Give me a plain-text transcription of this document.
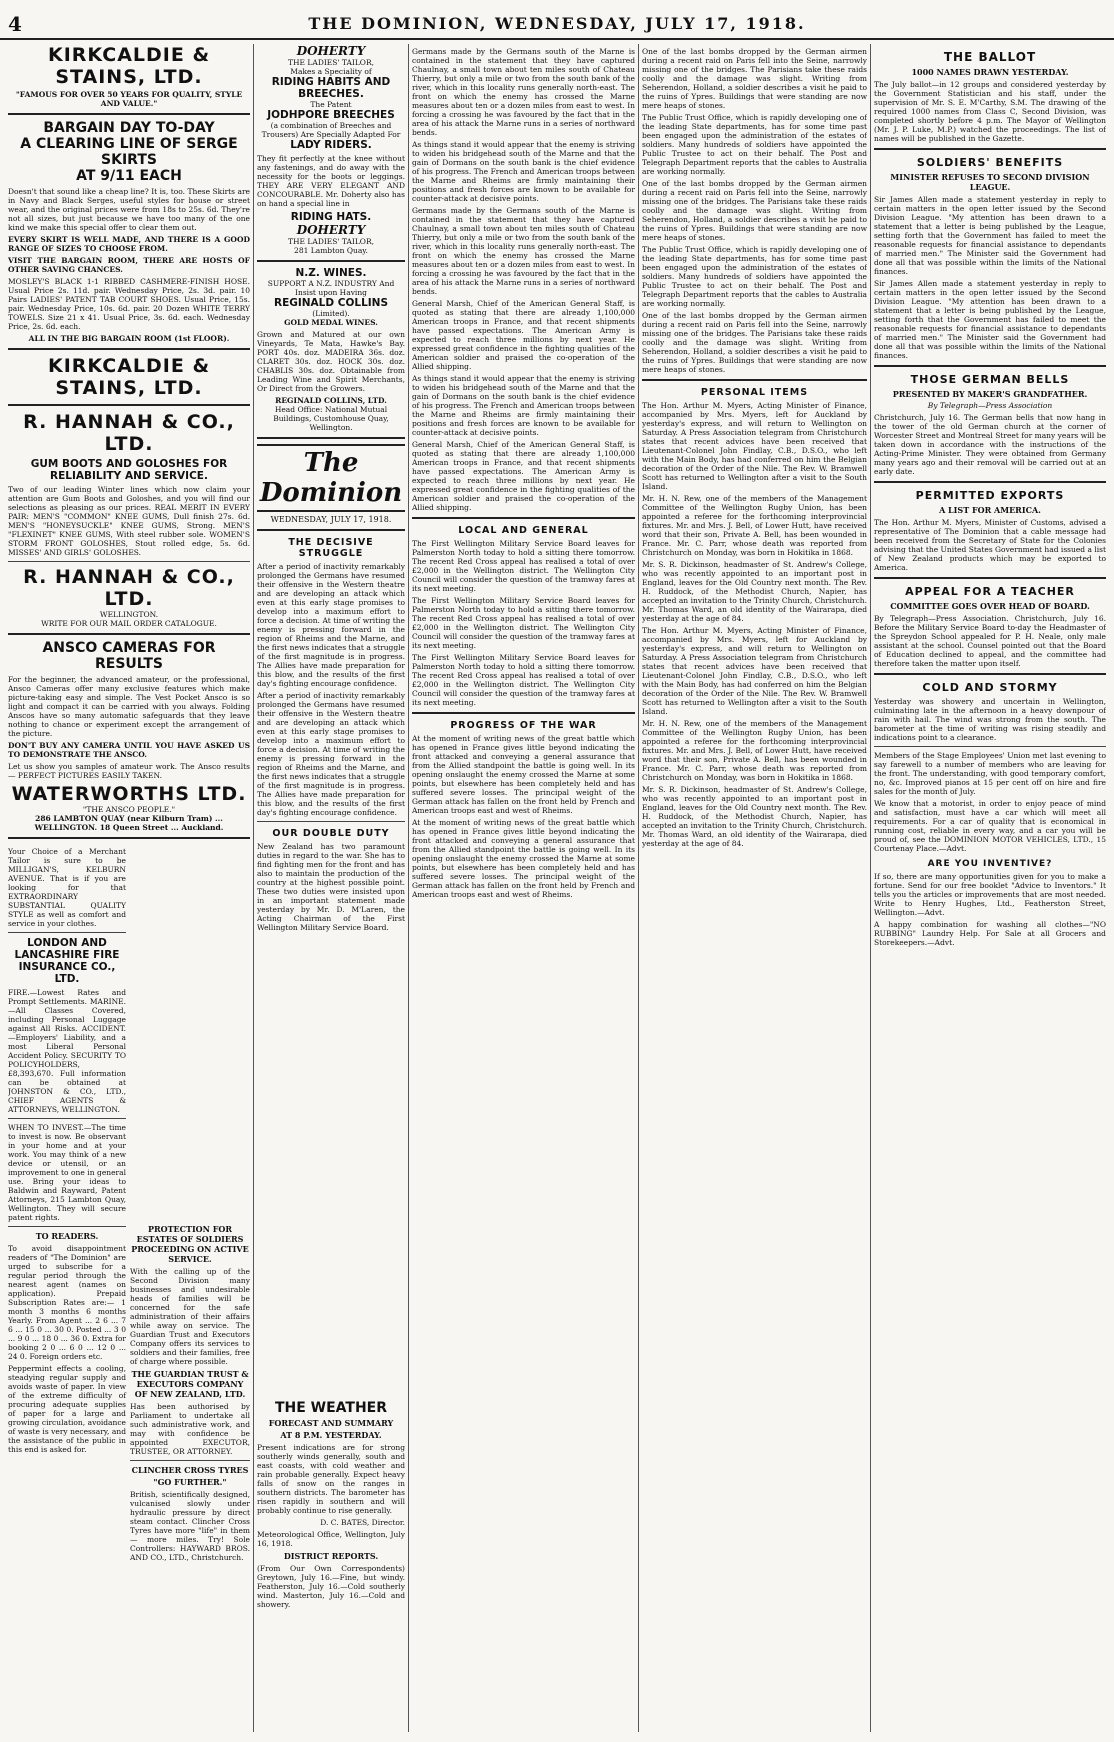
4	THE DOMINION, WEDNESDAY, JULY 17, 1918.
KIRKCALDIE & STAINS, LTD.
"FAMOUS FOR OVER 50 YEARS FOR QUALITY, STYLE AND VALUE."
BARGAIN DAY TO-DAY
A CLEARING LINE OF SERGE SKIRTS
AT 9/11 EACH
Doesn't that sound like a cheap line? It is, too. These Skirts are in Navy and Black Serges, useful styles for house or street wear, and the original prices were from 18s to 25s. 6d. They're not all sizes, but just because we have too many of the one kind we make this special offer to clear them out.
EVERY SKIRT IS WELL MADE, AND THERE IS A GOOD RANGE OF SIZES TO CHOOSE FROM.
VISIT THE BARGAIN ROOM, THERE ARE HOSTS OF OTHER SAVING CHANCES.
MOSLEY'S BLACK 1-1 RIBBED CASHMERE-FINISH HOSE. Usual Price 2s. 11d. pair. Wednesday Price, 2s. 3d. pair. 10 Pairs LADIES' PATENT TAB COURT SHOES. Usual Price, 15s. pair. Wednesday Price, 10s. 6d. pair. 20 Dozen WHITE TERRY TOWELS. Size 21 x 41. Usual Price, 3s. 6d. each. Wednesday Price, 2s. 6d. each.
ALL IN THE BIG BARGAIN ROOM (1st FLOOR).
KIRKCALDIE & STAINS, LTD.
R. HANNAH & CO., LTD.
GUM BOOTS AND GOLOSHES FOR RELIABILITY AND SERVICE.
Two of our leading Winter lines which now claim your attention are Gum Boots and Goloshes, and you will find our selections as pleasing as our prices. REAL MERIT IN EVERY PAIR: MEN'S "COMMON" KNEE GUMS, Dull finish 27s. 6d. MEN'S "HONEYSUCKLE" KNEE GUMS, Strong. MEN'S "FLEXINET" KNEE GUMS, With steel rubber sole. WOMEN'S STORM FRONT GOLOSHES, Stout rolled edge, 5s. 6d. MISSES' AND GIRLS' GOLOSHES.
R. HANNAH & CO., LTD.
WELLINGTON.
WRITE FOR OUR MAIL ORDER CATALOGUE.
ANSCO CAMERAS FOR RESULTS
For the beginner, the advanced amateur, or the professional, Ansco Cameras offer many exclusive features which make picture-taking easy and simple. The Vest Pocket Ansco is so light and compact it can be carried with you always. Folding Anscos have so many automatic safeguards that they leave nothing to chance or experiment except the arrangement of the picture.
DON'T BUY ANY CAMERA UNTIL YOU HAVE ASKED US TO DEMONSTRATE THE ANSCO.
Let us show you samples of amateur work. The Ansco results — PERFECT PICTURES EASILY TAKEN.
WATERWORTHS LTD.
"THE ANSCO PEOPLE."
286 LAMBTON QUAY (near Kilburn Tram) ... WELLINGTON. 18 Queen Street ... Auckland.
Your Choice of a Merchant Tailor is sure to be MILLIGAN'S, KELBURN AVENUE. That is if you are looking for that EXTRAORDINARY SUBSTANTIAL QUALITY STYLE as well as comfort and service in your clothes.
LONDON AND LANCASHIRE FIRE INSURANCE CO., LTD.
FIRE.—Lowest Rates and Prompt Settlements. MARINE.—All Classes Covered, including Personal Luggage against All Risks. ACCIDENT.—Employers' Liability, and a most Liberal Personal Accident Policy. SECURITY TO POLICYHOLDERS, £8,393,670. Full information can be obtained at JOHNSTON & CO., LTD., CHIEF AGENTS & ATTORNEYS, WELLINGTON.
WHEN TO INVEST.—The time to invest is now. Be observant in your home and at your work. You may think of a new device or utensil, or an improvement to one in general use. Bring your ideas to Baldwin and Rayward, Patent Attorneys, 215 Lambton Quay, Wellington. They will secure patent rights.
TO READERS.
To avoid disappointment readers of "The Dominion" are urged to subscribe for a regular period through the nearest agent (names on application). Prepaid Subscription Rates are:— 1 month 3 months 6 months Yearly. From Agent ... 2 6 ... 7 6 ... 15 0 ... 30 0. Posted ... 3 0 ... 9 0 ... 18 0 ... 36 0. Extra for booking 2 0 ... 6 0 ... 12 0 ... 24 0. Foreign orders etc.
Peppermint effects a cooling, steadying regular supply and avoids waste of paper. In view of the extreme difficulty of procuring adequate supplies of paper for a large and growing circulation, avoidance of waste is very necessary, and the assistance of the public in this end is asked for.
DOHERTY
THE LADIES' TAILOR,
Makes a Speciality of
RIDING HABITS AND BREECHES.
The Patent
JODHPORE BREECHES
(a combination of Breeches and Trousers) Are Specially Adapted For
LADY RIDERS.
They fit perfectly at the knee without any fastenings, and do away with the necessity for the boots or leggings. THEY ARE VERY ELEGANT AND CONCOURABLE. Mr. Doherty also has on hand a special line in
RIDING HATS.
DOHERTY
THE LADIES' TAILOR,
281 Lambton Quay.
N.Z. WINES.
SUPPORT A N.Z. INDUSTRY And Insist upon Having
REGINALD COLLINS
(Limited).
GOLD MEDAL WINES.
Grown and Matured at our own Vineyards, Te Mata, Hawke's Bay. PORT 40s. doz. MADEIRA 36s. doz. CLARET 30s. doz. HOCK 30s. doz. CHABLIS 30s. doz. Obtainable from Leading Wine and Spirit Merchants, Or Direct from the Growers.
REGINALD COLLINS, LTD.
Head Office: National Mutual Buildings, Customhouse Quay, Wellington.
The Dominion
WEDNESDAY, JULY 17, 1918.
THE DECISIVE STRUGGLE
After a period of inactivity remarkably prolonged the Germans have resumed their offensive in the Western theatre and are developing an attack which even at this early stage promises to develop into a maximum effort to force a decision. At time of writing the enemy is pressing forward in the region of Rheims and the Marne, and the first news indicates that a struggle of the first magnitude is in progress. The Allies have made preparation for this blow, and the results of the first day's fighting encourage confidence.
After a period of inactivity remarkably prolonged the Germans have resumed their offensive in the Western theatre and are developing an attack which even at this early stage promises to develop into a maximum effort to force a decision. At time of writing the enemy is pressing forward in the region of Rheims and the Marne, and the first news indicates that a struggle of the first magnitude is in progress. The Allies have made preparation for this blow, and the results of the first day's fighting encourage confidence.
OUR DOUBLE DUTY
New Zealand has two paramount duties in regard to the war. She has to find fighting men for the front and has also to maintain the production of the country at the highest possible point. These two duties were insisted upon in an important statement made yesterday by Mr. D. M'Laren, the Acting Chairman of the First Wellington Military Service Board.
PROTECTION FOR ESTATES OF SOLDIERS PROCEEDING ON ACTIVE SERVICE.
With the calling up of the Second Division many businesses and undesirable heads of families will be concerned for the safe administration of their affairs while away on service. The Guardian Trust and Executors Company offers its services to soldiers and their families, free of charge where possible.
THE GUARDIAN TRUST & EXECUTORS COMPANY OF NEW ZEALAND, LTD.
Has been authorised by Parliament to undertake all such administrative work, and may with confidence be appointed EXECUTOR, TRUSTEE, OR ATTORNEY.
CLINCHER CROSS TYRES
"GO FURTHER."
British, scientifically designed, vulcanised slowly under hydraulic pressure by direct steam contact. Clincher Cross Tyres have more "life" in them — more miles. Try! Sole Controllers: HAYWARD BROS. AND CO., LTD., Christchurch.
THE WEATHER
FORECAST AND SUMMARY
AT 8 P.M. YESTERDAY.
Present indications are for strong southerly winds generally, south and east coasts, with cold weather and rain probable generally. Expect heavy falls of snow on the ranges in southern districts. The barometer has risen rapidly in southern and will probably continue to rise generally.
D. C. BATES, Director.
Meteorological Office, Wellington, July 16, 1918.
DISTRICT REPORTS.
(From Our Own Correspondents) Greytown, July 16.—Fine, but windy. Featherston, July 16.—Cold southerly wind. Masterton, July 16.—Cold and showery.
Germans made by the Germans south of the Marne is contained in the statement that they have captured Chaulnay, a small town about ten miles south of Chateau Thierry, but only a mile or two from the south bank of the river, which in this locality runs generally north-east. The front on which the enemy has crossed the Marne measures about ten or a dozen miles from east to west. In forcing a crossing he was favoured by the fact that in the area of his attack the Marne runs in a series of northward bends.
As things stand it would appear that the enemy is striving to widen his bridgehead south of the Marne and that the gain of Dormans on the south bank is the chief evidence of his progress. The French and American troops between the Marne and Rheims are firmly maintaining their positions and fresh forces are known to be available for counter-attack at decisive points.
Germans made by the Germans south of the Marne is contained in the statement that they have captured Chaulnay, a small town about ten miles south of Chateau Thierry, but only a mile or two from the south bank of the river, which in this locality runs generally north-east. The front on which the enemy has crossed the Marne measures about ten or a dozen miles from east to west. In forcing a crossing he was favoured by the fact that in the area of his attack the Marne runs in a series of northward bends.
General Marsh, Chief of the American General Staff, is quoted as stating that there are already 1,100,000 American troops in France, and that recent shipments have passed expectations. The American Army is expected to reach three millions by next year. He expressed great confidence in the fighting qualities of the American soldier and praised the co-operation of the Allied shipping.
As things stand it would appear that the enemy is striving to widen his bridgehead south of the Marne and that the gain of Dormans on the south bank is the chief evidence of his progress. The French and American troops between the Marne and Rheims are firmly maintaining their positions and fresh forces are known to be available for counter-attack at decisive points.
General Marsh, Chief of the American General Staff, is quoted as stating that there are already 1,100,000 American troops in France, and that recent shipments have passed expectations. The American Army is expected to reach three millions by next year. He expressed great confidence in the fighting qualities of the American soldier and praised the co-operation of the Allied shipping.
LOCAL AND GENERAL
The First Wellington Military Service Board leaves for Palmerston North today to hold a sitting there tomorrow. The recent Red Cross appeal has realised a total of over £2,000 in the Wellington district. The Wellington City Council will consider the question of the tramway fares at its next meeting.
The First Wellington Military Service Board leaves for Palmerston North today to hold a sitting there tomorrow. The recent Red Cross appeal has realised a total of over £2,000 in the Wellington district. The Wellington City Council will consider the question of the tramway fares at its next meeting.
The First Wellington Military Service Board leaves for Palmerston North today to hold a sitting there tomorrow. The recent Red Cross appeal has realised a total of over £2,000 in the Wellington district. The Wellington City Council will consider the question of the tramway fares at its next meeting.
PROGRESS OF THE WAR
At the moment of writing news of the great battle which has opened in France gives little beyond indicating the front attacked and conveying a general assurance that from the Allied standpoint the battle is going well. In its opening onslaught the enemy crossed the Marne at some points, but elsewhere has been completely held and has suffered severe losses. The principal weight of the German attack has fallen on the front held by French and American troops east and west of Rheims.
At the moment of writing news of the great battle which has opened in France gives little beyond indicating the front attacked and conveying a general assurance that from the Allied standpoint the battle is going well. In its opening onslaught the enemy crossed the Marne at some points, but elsewhere has been completely held and has suffered severe losses. The principal weight of the German attack has fallen on the front held by French and American troops east and west of Rheims.
One of the last bombs dropped by the German airmen during a recent raid on Paris fell into the Seine, narrowly missing one of the bridges. The Parisians take these raids coolly and the damage was slight. Writing from Seherendon, Holland, a soldier describes a visit he paid to the ruins of Ypres. Buildings that were standing are now mere heaps of stones.
The Public Trust Office, which is rapidly developing one of the leading State departments, has for some time past been engaged upon the administration of the estates of soldiers. Many hundreds of soldiers have appointed the Public Trustee to act on their behalf. The Post and Telegraph Department reports that the cables to Australia are working normally.
One of the last bombs dropped by the German airmen during a recent raid on Paris fell into the Seine, narrowly missing one of the bridges. The Parisians take these raids coolly and the damage was slight. Writing from Seherendon, Holland, a soldier describes a visit he paid to the ruins of Ypres. Buildings that were standing are now mere heaps of stones.
The Public Trust Office, which is rapidly developing one of the leading State departments, has for some time past been engaged upon the administration of the estates of soldiers. Many hundreds of soldiers have appointed the Public Trustee to act on their behalf. The Post and Telegraph Department reports that the cables to Australia are working normally.
One of the last bombs dropped by the German airmen during a recent raid on Paris fell into the Seine, narrowly missing one of the bridges. The Parisians take these raids coolly and the damage was slight. Writing from Seherendon, Holland, a soldier describes a visit he paid to the ruins of Ypres. Buildings that were standing are now mere heaps of stones.
PERSONAL ITEMS
The Hon. Arthur M. Myers, Acting Minister of Finance, accompanied by Mrs. Myers, left for Auckland by yesterday's express, and will return to Wellington on Saturday. A Press Association telegram from Christchurch states that recent advices have been received that Lieutenant-Colonel John Findlay, C.B., D.S.O., who left with the Main Body, has had conferred on him the Belgian decoration of the Order of the Nile. The Rev. W. Bramwell Scott has returned to Wellington after a visit to the South Island.
Mr. H. N. Rew, one of the members of the Management Committee of the Wellington Rugby Union, has been appointed a referee for the forthcoming interprovincial fixtures. Mr. and Mrs. J. Bell, of Lower Hutt, have received word that their son, Private A. Bell, has been wounded in France. Mr. C. Parr, whose death was reported from Christchurch on Monday, was born in Hokitika in 1868.
Mr. S. R. Dickinson, headmaster of St. Andrew's College, who was recently appointed to an important post in England, leaves for the Old Country next month. The Rev. H. Ruddock, of the Methodist Church, Napier, has accepted an invitation to the Trinity Church, Christchurch. Mr. Thomas Ward, an old identity of the Wairarapa, died yesterday at the age of 84.
The Hon. Arthur M. Myers, Acting Minister of Finance, accompanied by Mrs. Myers, left for Auckland by yesterday's express, and will return to Wellington on Saturday. A Press Association telegram from Christchurch states that recent advices have been received that Lieutenant-Colonel John Findlay, C.B., D.S.O., who left with the Main Body, has had conferred on him the Belgian decoration of the Order of the Nile. The Rev. W. Bramwell Scott has returned to Wellington after a visit to the South Island.
Mr. H. N. Rew, one of the members of the Management Committee of the Wellington Rugby Union, has been appointed a referee for the forthcoming interprovincial fixtures. Mr. and Mrs. J. Bell, of Lower Hutt, have received word that their son, Private A. Bell, has been wounded in France. Mr. C. Parr, whose death was reported from Christchurch on Monday, was born in Hokitika in 1868.
Mr. S. R. Dickinson, headmaster of St. Andrew's College, who was recently appointed to an important post in England, leaves for the Old Country next month. The Rev. H. Ruddock, of the Methodist Church, Napier, has accepted an invitation to the Trinity Church, Christchurch. Mr. Thomas Ward, an old identity of the Wairarapa, died yesterday at the age of 84.
THE BALLOT
1000 NAMES DRAWN YESTERDAY.
The July ballot—in 12 groups and considered yesterday by the Government Statistician and his staff, under the supervision of Mr. S. E. M'Carthy, S.M. The drawing of the required 1000 names from Class C, Second Division, was completed shortly before 4 p.m. The Mayor of Wellington (Mr. J. P. Luke, M.P.) watched the proceedings. The list of names will be published in the Gazette.
SOLDIERS' BENEFITS
MINISTER REFUSES TO SECOND DIVISION LEAGUE.
Sir James Allen made a statement yesterday in reply to certain matters in the open letter issued by the Second Division League. "My attention has been drawn to a statement that a letter is being published by the League, setting forth that the Government has failed to meet the reasonable requests for financial assistance to dependants of married men." The Minister said the Government had done all that was possible within the limits of the National finances.
Sir James Allen made a statement yesterday in reply to certain matters in the open letter issued by the Second Division League. "My attention has been drawn to a statement that a letter is being published by the League, setting forth that the Government has failed to meet the reasonable requests for financial assistance to dependants of married men." The Minister said the Government had done all that was possible within the limits of the National finances.
THOSE GERMAN BELLS
PRESENTED BY MAKER'S GRANDFATHER.
By Telegraph—Press Association
Christchurch, July 16. The German bells that now hang in the tower of the old German church at the corner of Worcester Street and Montreal Street for many years will be taken down in accordance with the instructions of the Acting-Prime Minister. They were obtained from Germany many years ago and their removal will be carried out at an early date.
PERMITTED EXPORTS
A LIST FOR AMERICA.
The Hon. Arthur M. Myers, Minister of Customs, advised a representative of The Dominion that a cable message had been received from the Secretary of State for the Colonies advising that the United States Government had issued a list of New Zealand products which may be exported to America.
APPEAL FOR A TEACHER
COMMITTEE GOES OVER HEAD OF BOARD.
By Telegraph—Press Association. Christchurch, July 16. Before the Military Service Board to-day the Headmaster of the Spreydon School appealed for P. H. Neale, only male assistant at the school. Counsel pointed out that the Board of Education declined to appeal, and the committee had therefore taken the matter upon itself.
COLD AND STORMY
Yesterday was showery and uncertain in Wellington, culminating late in the afternoon in a heavy downpour of rain with hail. The wind was strong from the south. The barometer at the time of writing was rising steadily and indications point to a clearance.
Members of the Stage Employees' Union met last evening to say farewell to a number of members who are leaving for the front. The understanding, with good temporary comfort, no, &c. Improved pianos at 15 per cent off on hire and fire sales for the month of July.
We know that a motorist, in order to enjoy peace of mind and satisfaction, must have a car which will meet all requirements. For a car of quality that is economical in running cost, reliable in every way, and a car you will be proud of, see the DOMINION MOTOR VEHICLES, LTD., 15 Courtenay Place.—Advt.
ARE YOU INVENTIVE?
If so, there are many opportunities given for you to make a fortune. Send for our free booklet "Advice to Inventors." It tells you the articles or improvements that are most needed. Write to Henry Hughes, Ltd., Featherston Street, Wellington.—Advt.
A happy combination for washing all clothes—"NO RUBBING" Laundry Help. For Sale at all Grocers and Storekeepers.—Advt.
